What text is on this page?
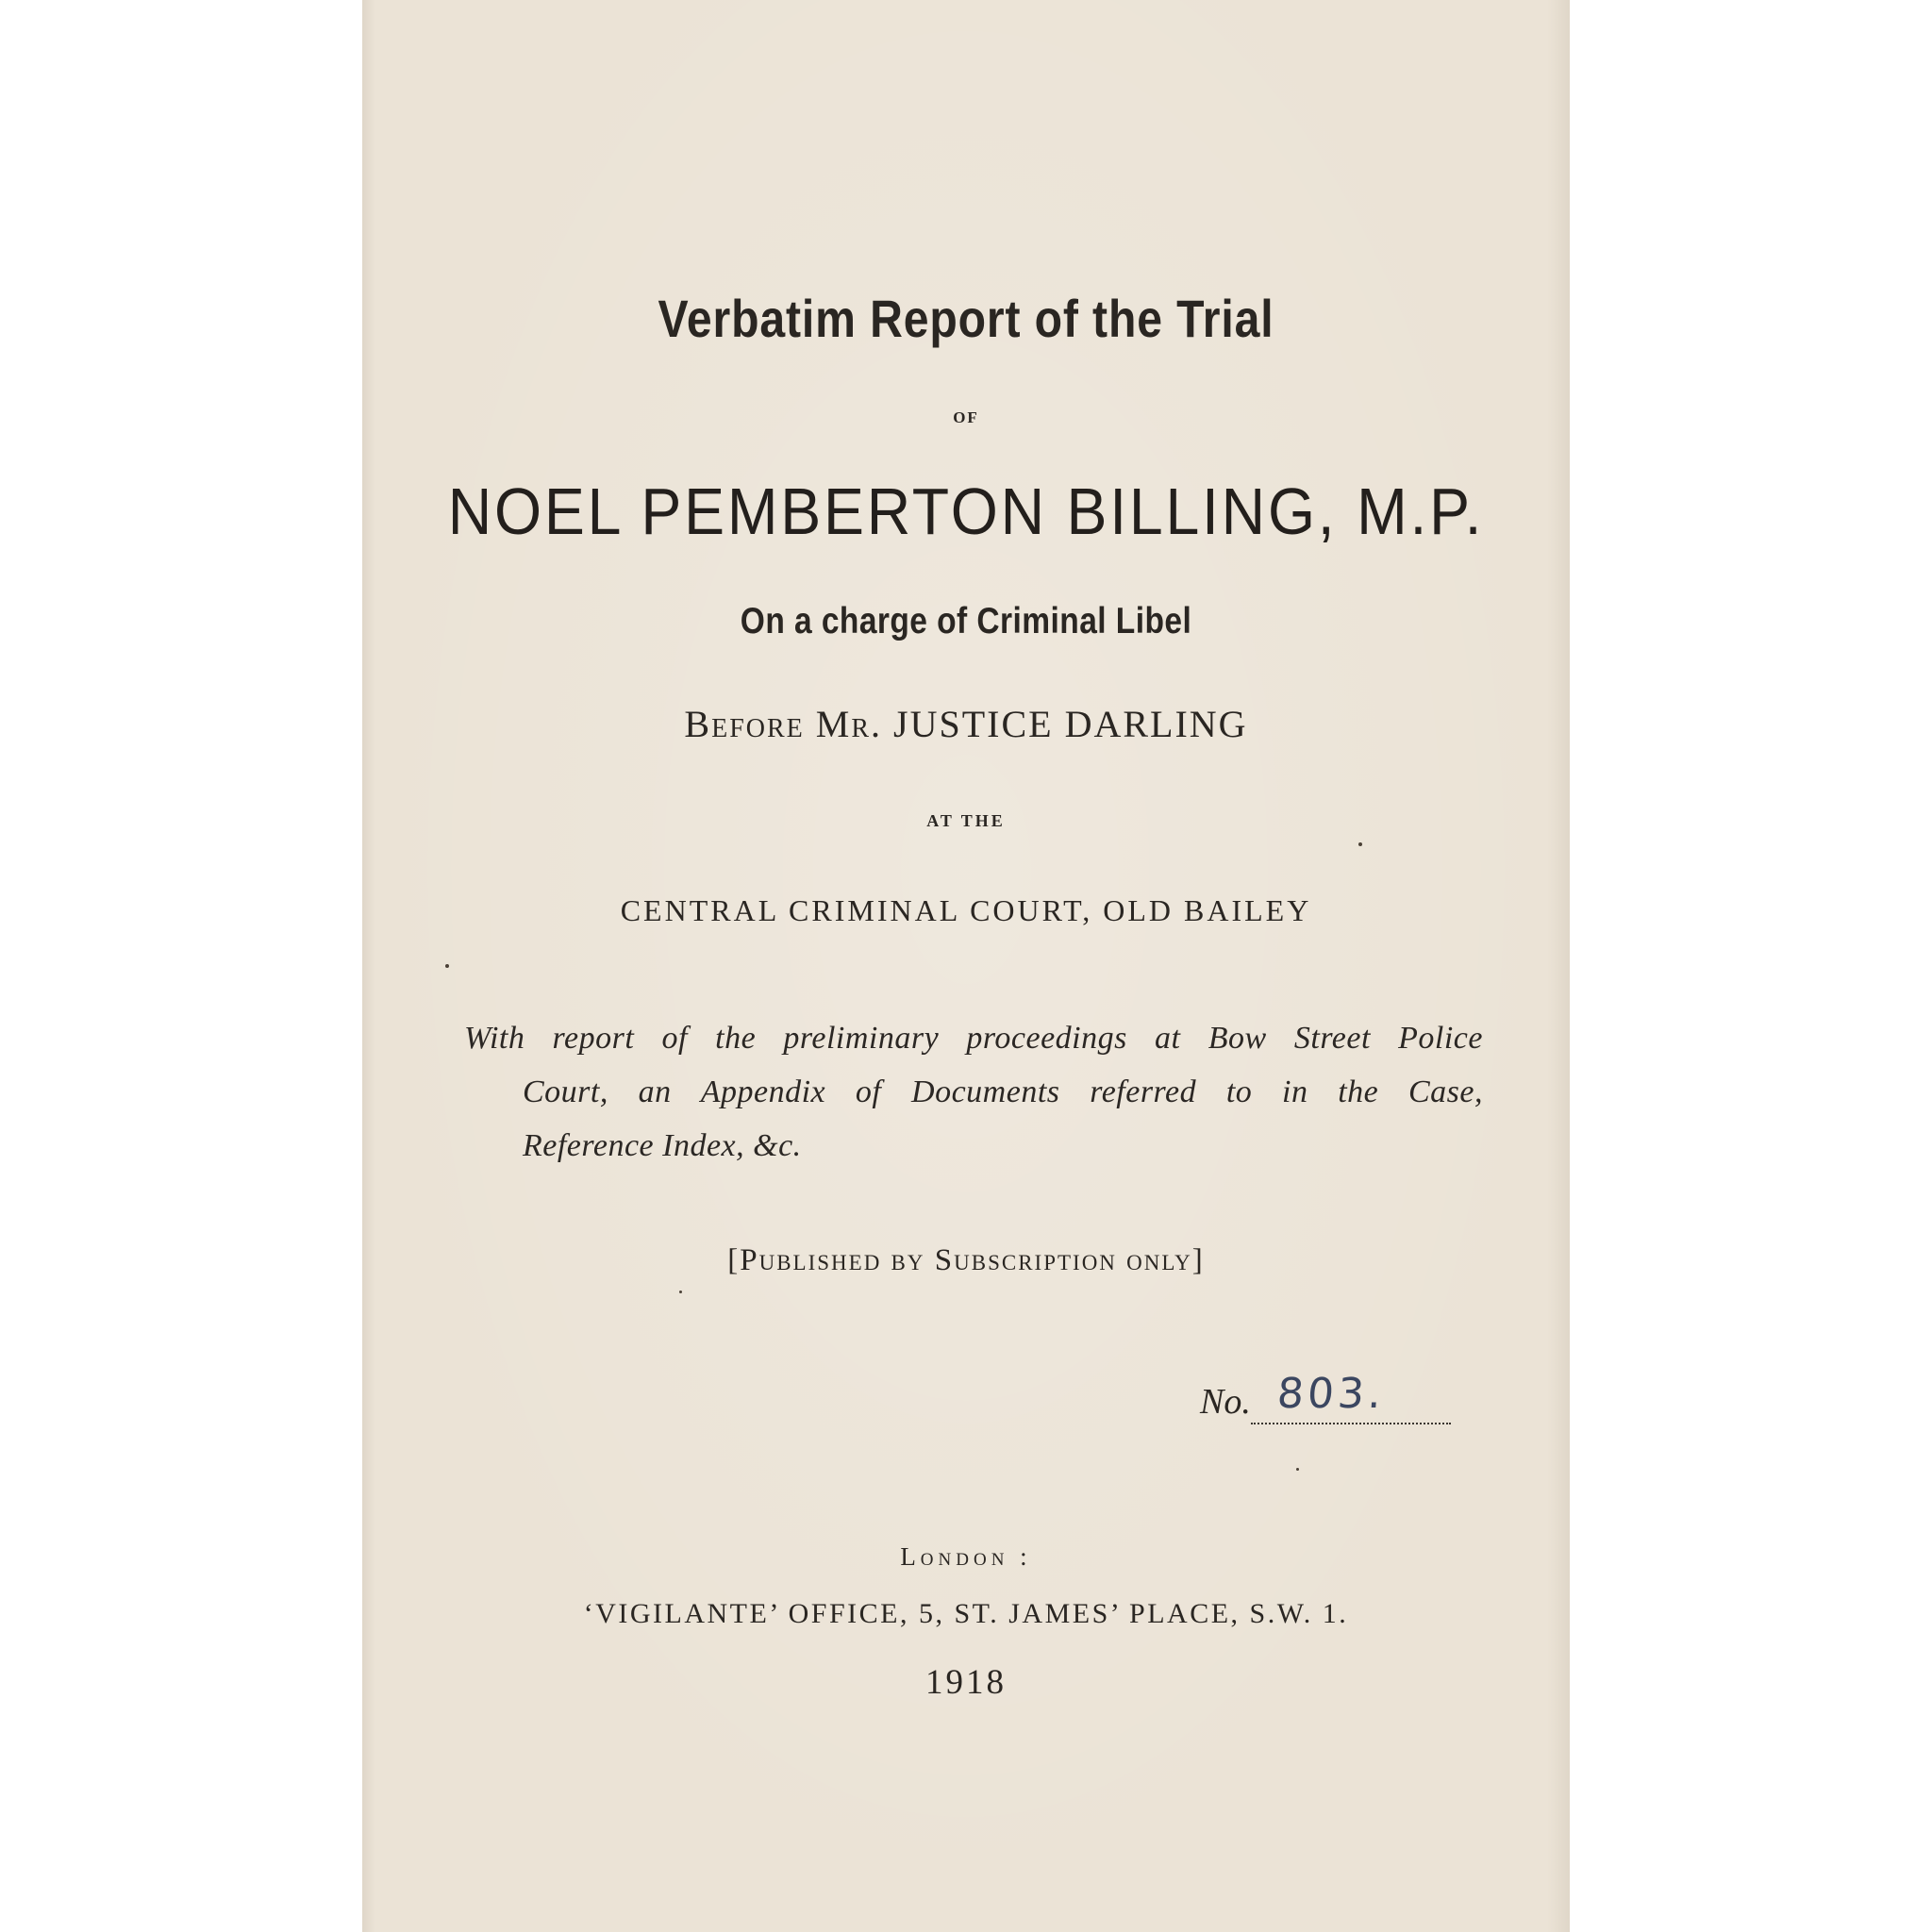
Verbatim Report of the Trial
OF
NOEL PEMBERTON BILLING, M.P.
On a charge of Criminal Libel
Before Mr. JUSTICE DARLING
AT THE
CENTRAL CRIMINAL COURT, OLD BAILEY
With report of the preliminary proceedings at Bow Street Police
Court, an Appendix of Documents referred to in the Case,
Reference Index, &c.
[Published by Subscription only]
No. 803.
London :
‘VIGILANTE’ OFFICE, 5, ST. JAMES’ PLACE, S.W. 1.
1918
